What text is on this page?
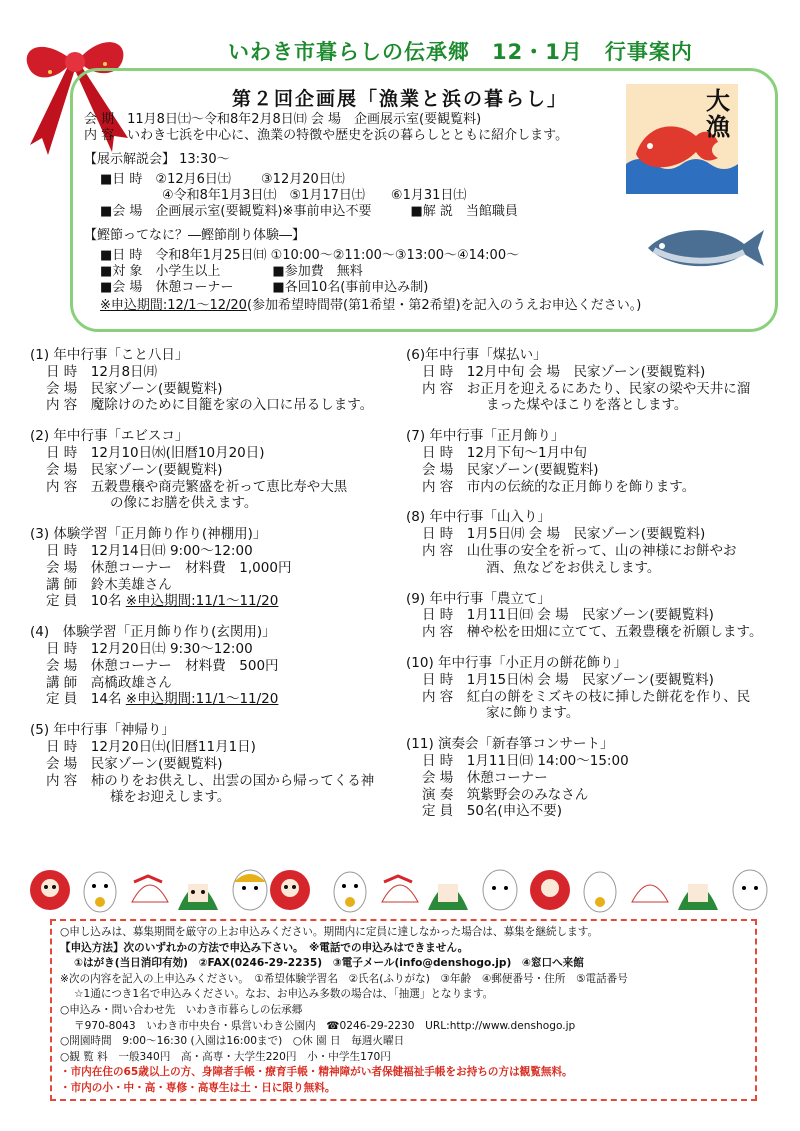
いわき市暮らしの伝承郷　12・1月　行事案内
第２回企画展「漁業と浜の暮らし」
会 期　11月8日㈯～令和8年2月8日㈰ 会 場　企画展示室(要観覧料)
内 容　いわき七浜を中心に、漁業の特徴や歴史を浜の暮らしとともに紹介します。
【展示解説会】 13:30～
■日 時　②12月6日㈯　　 ③12月20日㈯
④令和8年1月3日㈯　⑤1月17日㈯　　⑥1月31日㈯
■会 場　企画展示室(要観覧料)※事前申込不要　　　■解 説　当館職員
【鰹節ってなに？―鰹節削り体験―】
■日 時　令和8年1月25日㈰ ①10:00～②11:00～③13:00～④14:00～
■対 象　小学生以上　　　　■参加費　無料
■会 場　休憩コーナー　　　■各回10名(事前申込み制)
※申込期間:12/1～12/20(参加希望時間帯(第1希望・第2希望)を記入のうえお申込ください。)
大漁
(1) 年中行事「こと八日」
日 時　12月8日㈪
会 場　民家ゾーン(要観覧料)
内 容　魔除けのために目籠を家の入口に吊るします。
(2) 年中行事「エビスコ」
日 時　12月10日㈬(旧暦10月20日)
会 場　民家ゾーン(要観覧料)
内 容　五穀豊穣や商売繁盛を祈って恵比寿や大黒
の像にお膳を供えます。
(3) 体験学習「正月飾り作り(神棚用)」
日 時　12月14日㈰ 9:00～12:00
会 場　休憩コーナー　材料費　1,000円
講 師　鈴木美雄さん
定 員　10名 ※申込期間:11/1～11/20
(4)　体験学習「正月飾り作り(玄関用)」
日 時　12月20日㈯ 9:30～12:00
会 場　休憩コーナー　材料費　500円
講 師　高橋政雄さん
定 員　14名 ※申込期間:11/1～11/20
(5) 年中行事「神帰り」
日 時　12月20日㈯(旧暦11月1日)
会 場　民家ゾーン(要観覧料)
内 容　柿のりをお供えし、出雲の国から帰ってくる神
様をお迎えします。
(6)年中行事「煤払い」
日 時　12月中旬 会 場　民家ゾーン(要観覧料)
内 容　お正月を迎えるにあたり、民家の梁や天井に溜
まった煤やほこりを落とします。
(7) 年中行事「正月飾り」
日 時　12月下旬～1月中旬
会 場　民家ゾーン(要観覧料)
内 容　市内の伝統的な正月飾りを飾ります。
(8) 年中行事「山入り」
日 時　1月5日㈪ 会 場　民家ゾーン(要観覧料)
内 容　山仕事の安全を祈って、山の神様にお餅やお
酒、魚などをお供えします。
(9) 年中行事「農立て」
日 時　1月11日㈰ 会 場　民家ゾーン(要観覧料)
内 容　榊や松を田畑に立てて、五穀豊穣を祈願します。
(10) 年中行事「小正月の餅花飾り」
日 時　1月15日㈭ 会 場　民家ゾーン(要観覧料)
内 容　紅白の餅をミズキの枝に挿した餅花を作り、民
家に飾ります。
(11) 演奏会「新春箏コンサート」
日 時　1月11日㈰ 14:00～15:00
会 場　休憩コーナー
演 奏　筑紫野会のみなさん
定 員　50名(申込不要)
○申し込みは、募集期間を厳守の上お申込みください。期間内に定員に達しなかった場合は、募集を継続します。
【申込方法】次のいずれかの方法で申込み下さい。　※電話での申込みはできません。
①はがき(当日消印有効)　②FAX(0246-29-2235)　③電子メール(info@denshogo.jp)　④窓口へ来館
※次の内容を記入の上申込みください。　①希望体験学習名　②氏名(ふりがな)　③年齢　④郵便番号・住所　⑤電話番号
☆1通につき1名で申込みください。なお、お申込み多数の場合は、「抽選」となります。
○申込み・問い合わせ先　いわき市暮らしの伝承郷
〒970-8043　いわき市中央台・県営いわき公園内　☎0246-29-2230　URL:http://www.denshogo.jp
○開園時間　9:00～16:30 (入園は16:00まで)　○休 園 日　毎週火曜日
○観 覧 料　一般340円　高・高専・大学生220円　小・中学生170円
・市内在住の65歳以上の方、身障者手帳・療育手帳・精神障がい者保健福祉手帳をお持ちの方は観覧無料。
・市内の小・中・高・専修・高専生は土・日に限り無料。
